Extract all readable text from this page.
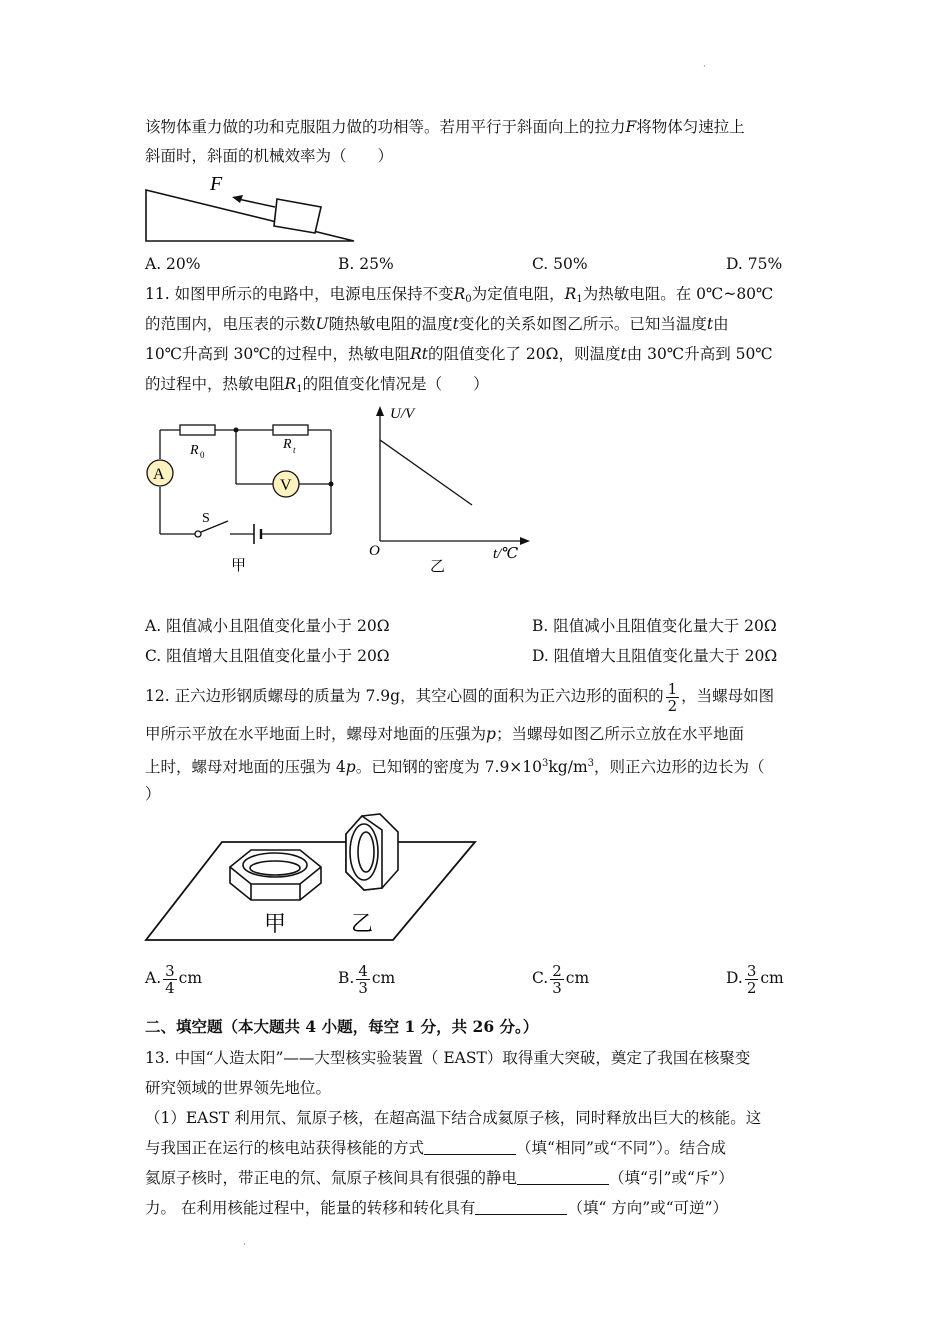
·
·
该物体重力做的功和克服阻力做的功相等。若用平行于斜面向上的拉力F将物体匀速拉上
斜面时，斜面的机械效率为（　　）
F
A. 20%	B. 25%	C. 50%	D. 75%
11. 如图甲所示的电路中，电源电压保持不变$R_0$为定值电阻，$R_1$为热敏电阻。在 0℃~80℃
的范围内，电压表的示数U随热敏电阻的温度t变化的关系如图乙所示。已知当温度t由
10℃升高到 30℃的过程中，热敏电阻Rt的阻值变化了 20Ω，则温度t由 30℃升高到 50℃
的过程中，热敏电阻$R_1$的阻值变化情况是（　　）
A
V
R 0
R t
S
甲
U/V
t/℃
O
乙
A. 阻值减小且阻值变化量小于 20Ω	B. 阻值减小且阻值变化量大于 20Ω
C. 阻值增大且阻值变化量小于 20Ω	D. 阻值增大且阻值变化量大于 20Ω
12. 正六边形钢质螺母的质量为 7.9g，其空心圆的面积为正六边形的面积的 $\frac{1}{2}$ ，当螺母如图
甲所示平放在水平地面上时，螺母对地面的压强为p；当螺母如图乙所示立放在水平地面
上时，螺母对地面的压强为 4p。已知钢的密度为 $7.9\times 10^3kg/m^3$，则正六边形的边长为（
）
甲	乙
A. $\frac{3}{4}$ cm	B. $\frac{4}{3}$ cm	C. $\frac{2}{3}$ cm	D. $\frac{3}{2}$ cm
二、填空题（本大题共 4 小题，每空 1 分，共 26 分。）
13. 中国“人造太阳”——大型核实验装置（ EAST）取得重大突破，奠定了我国在核聚变
研究领域的世界领先地位。
（1）EAST 利用氘、氚原子核，在超高温下结合成氦原子核，同时释放出巨大的核能。这
与我国正在运行的核电站获得核能的方式	（填“相同”或“不同”）。结合成
氦原子核时，带正电的氘、氚原子核间具有很强的静电	（填“引”或“斥”）
力。 在利用核能过程中，能量的转移和转化具有	（填“ 方向”或“可逆”）
